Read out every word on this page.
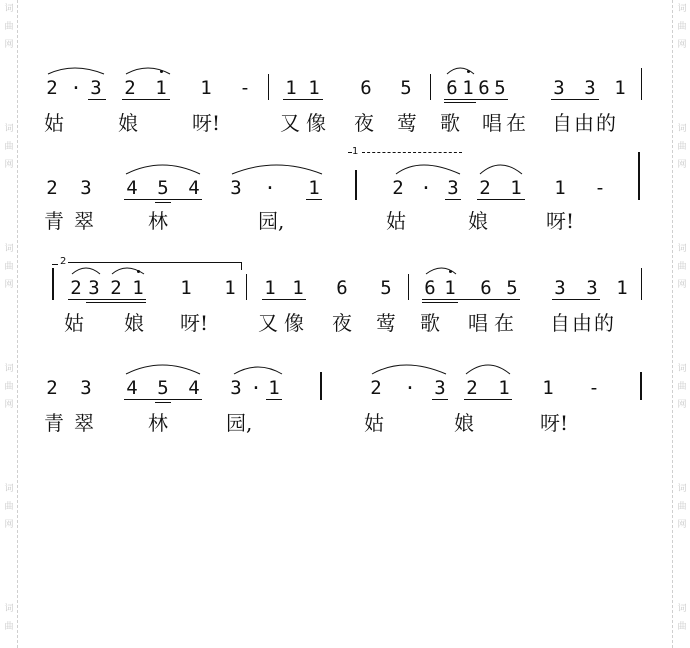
词
曲
网
词
曲
网
词
曲
网
词
曲
网
词
曲
网
词
曲
词
曲
网
词
曲
网
词
曲
网
词
曲
网
词
曲
网
词
曲
2 · 3 2 1 1 - 1 1 6 5 6 1 6 5	3 3 1
姑	娘	呀!	又像 夜 莺 歌 唱在 自由的
1
2 3 4 5 4 3 · 1	2 · 3 2 1 1 -
青翠 林	园,	姑	娘	呀!
2
2 3 2 1 1 1 1 1 6 5 6 1 6 5 3 3 1
姑 娘 呀! 又像 夜 莺 歌 唱在 自由的
2 3 4 5 4 3 · 1	2 · 3 2 1 1 -
青翠 林	园,	姑	娘	呀!
